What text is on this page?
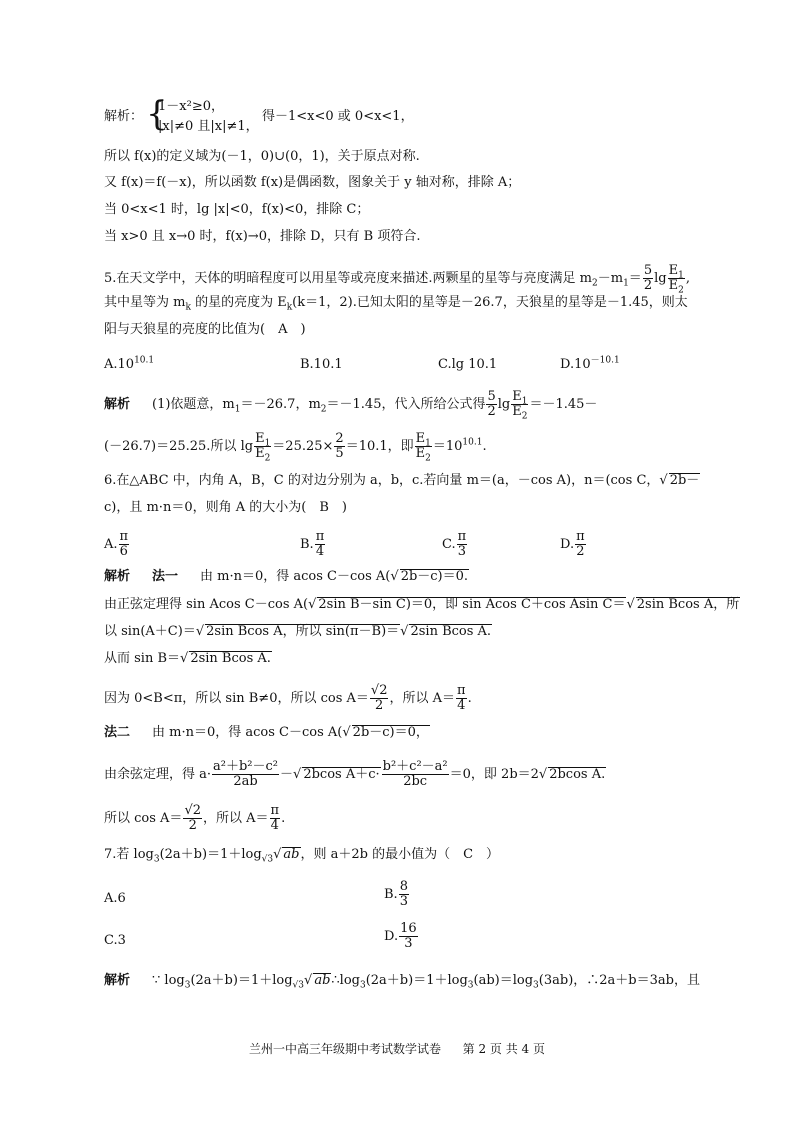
解析： {
1－x²≥0，
|x|≠0 且|x|≠1，
得－1<x<0 或 0<x<1，
所以 f(x)的定义域为(－1，0)∪(0，1)，关于原点对称.
又 f(x)＝f(－x)，所以函数 f(x)是偶函数，图象关于 y 轴对称，排除 A；
当 0<x<1 时，lg |x|<0，f(x)<0，排除 C；
当 x>0 且 x→0 时，f(x)→0，排除 D，只有 B 项符合.
5.在天文学中，天体的明暗程度可以用星等或亮度来描述.两颗星的星等与亮度满足 $m_2-m_1= \frac{5}{2}$ $\lg \frac{E_1}{E_2}$ ,
其中星等为 $m_k$ 的星的亮度为 $E_k(k=1$，2).已知太阳的星等是－26.7，天狼星的星等是－1.45，则太
阳与天狼星的亮度的比值为(　A　)
$A.10^{10.1}$	B.10.1	C.lg 10.1	$D.10^{-10.1}$
解析 (1)依题意，$m_1=-26.7$，$m_2=-1.45$，代入所给公式得 $\frac{5}{2}$ $\lg \frac{E_1}{E_2} =-1.45-$
(－26.7)＝25.25.所以 $\lg \frac{E_1}{E_2} =25.25\times \frac{2}{5} =10.1$，即 $\frac{E_1}{E_2} =10^{10.1}$.
6.在△ABC 中，内角 A，B，C 的对边分别为 a，b，c.若向量 m＝(a，－cos A)，n＝(cos C，√ 2b－
c)，且 m·n＝0，则角 A 的大小为(　B　)
A. $\frac{\pi}{6}$	B. $\frac{\pi}{4}$	C. $\frac{\pi}{3}$	D. $\frac{\pi}{2}$
解析 法一 由 m·n＝0，得 acos C－cos A(√ 2b－c)＝0.
由正弦定理得 sin Acos C－cos A(√ 2sin B－sin C)＝0，即 sin Acos C＋cos Asin C＝√ 2sin Bcos A，所
以 sin(A＋C)＝√ 2sin Bcos A，所以 sin(π－B)＝√ 2sin Bcos A.
从而 sin B＝√ 2sin Bcos A.
因为 0<B<π，所以 sin B≠0，所以 $\cos A= \frac{√2}{2}$ ，所以 $A= \frac{\pi}{4}$ .
法二 由 m·n＝0，得 acos C－cos A(√ 2b－c)＝0，
由余弦定理，得 $a\cdot \frac{\text{a²＋b²－c²}}{2ab}$ －√ 2bcos $A+c\cdot \frac{\text{b²＋c²－a²}}{2bc} =0$，即 2b＝2√ 2bcos A.
所以 $\cos A= \frac{√2}{2}$ ，所以 $A= \frac{\pi}{4}$ .
7.若 $\log_3(2a+b)=1+\log_{√3}√$ ab，则 a＋2b 的最小值为（　C　）
A.6	B. $\frac{8}{3}$
C.3	D. $\frac{16}{3}$
解析 ∵ $\log_3(2a+b)=1+\log_{√3}√$ $ab\therefore\log_3(2a+b)=1+\log_3(ab)=\log_3(3ab)$，∴2a＋b＝3ab，且
兰州一中高三年级期中考试数学试卷 第 2 页 共 4 页
